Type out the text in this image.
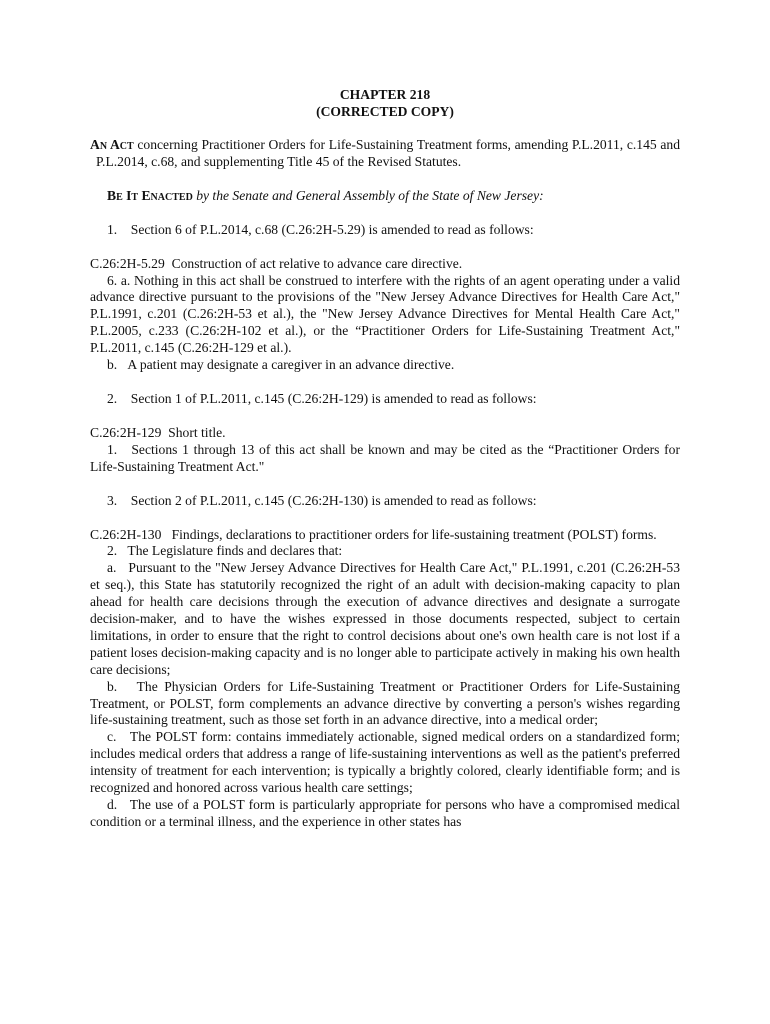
CHAPTER 218
(CORRECTED COPY)

An Act concerning Practitioner Orders for Life-Sustaining Treatment forms, amending P.L.2011, c.145 and P.L.2014, c.68, and supplementing Title 45 of the Revised Statutes.

Be It Enacted by the Senate and General Assembly of the State of New Jersey:

1.    Section 6 of P.L.2014, c.68 (C.26:2H-5.29) is amended to read as follows:

C.26:2H-5.29  Construction of act relative to advance care directive.

6. a. Nothing in this act shall be construed to interfere with the rights of an agent operating under a valid advance directive pursuant to the provisions of the "New Jersey Advance Directives for Health Care Act," P.L.1991, c.201 (C.26:2H-53 et al.), the "New Jersey Advance Directives for Mental Health Care Act," P.L.2005, c.233 (C.26:2H-102 et al.), or the “Practitioner Orders for Life-Sustaining Treatment Act," P.L.2011, c.145 (C.26:2H-129 et al.).

b.   A patient may designate a caregiver in an advance directive.

2.    Section 1 of P.L.2011, c.145 (C.26:2H-129) is amended to read as follows:

C.26:2H-129  Short title.

1.   Sections 1 through 13 of this act shall be known and may be cited as the “Practitioner Orders for Life-Sustaining Treatment Act."

3.    Section 2 of P.L.2011, c.145 (C.26:2H-130) is amended to read as follows:

C.26:2H-130   Findings, declarations to practitioner orders for life-sustaining treatment (POLST) forms.

2.   The Legislature finds and declares that:

a.   Pursuant to the "New Jersey Advance Directives for Health Care Act," P.L.1991, c.201 (C.26:2H-53 et seq.), this State has statutorily recognized the right of an adult with decision-making capacity to plan ahead for health care decisions through the execution of advance directives and designate a surrogate decision-maker, and to have the wishes expressed in those documents respected, subject to certain limitations, in order to ensure that the right to control decisions about one's own health care is not lost if a patient loses decision-making capacity and is no longer able to participate actively in making his own health care decisions;

b.   The Physician Orders for Life-Sustaining Treatment or Practitioner Orders for Life-Sustaining Treatment, or POLST, form complements an advance directive by converting a person's wishes regarding life-sustaining treatment, such as those set forth in an advance directive, into a medical order;

c.   The POLST form: contains immediately actionable, signed medical orders on a standardized form; includes medical orders that address a range of life-sustaining interventions as well as the patient's preferred intensity of treatment for each intervention; is typically a brightly colored, clearly identifiable form; and is recognized and honored across various health care settings;

d.   The use of a POLST form is particularly appropriate for persons who have a compromised medical condition or a terminal illness, and the experience in other states has
